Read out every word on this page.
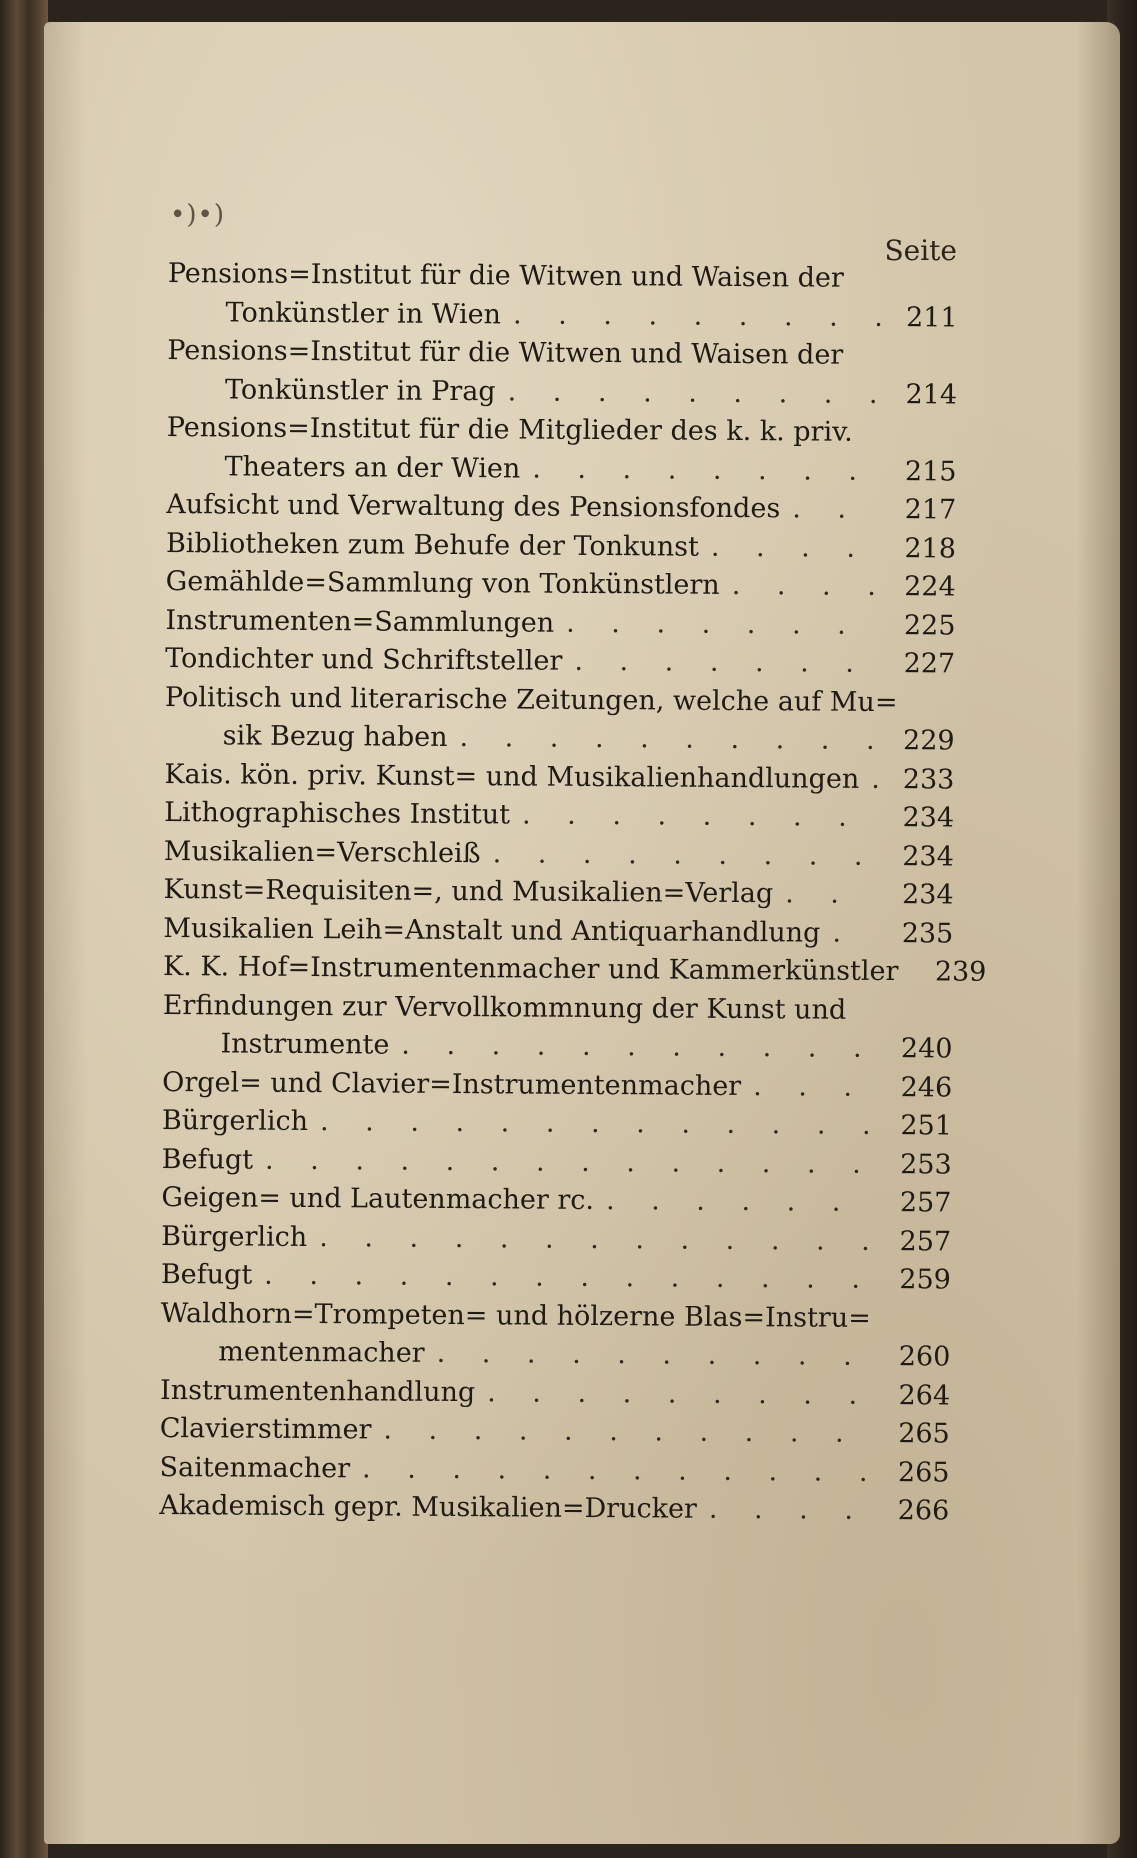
•)•)
Seite
Pensions=Institut für die Witwen und Waisen der
Tonkünstler in Wien . . .	211
Pensions=Institut für die Witwen und Waisen der
Tonkünstler in Prag . . .	214
Pensions=Institut für die Mitglieder des k. k. priv.
Theaters an der Wien . . .	215
Aufsicht und Verwaltung des Pensionsfondes . . .	217
Bibliotheken zum Behufe der Tonkunst . . .	218
Gemählde=Sammlung von Tonkünstlern . . .	224
Instrumenten=Sammlungen . . .	225
Tondichter und Schriftsteller . . .	227
Politisch und literarische Zeitungen, welche auf Mu=
sik Bezug haben . . .	229
Kais. kön. priv. Kunst= und Musikalienhandlungen . . .	233
Lithographisches Institut . . .	234
Musikalien=Verschleiß . . .	234
Kunst=Requisiten=, und Musikalien=Verlag . . .	234
Musikalien Leih=Anstalt und Antiquarhandlung . . .	235
K. K. Hof=Instrumentenmacher und Kammerkünstler . . .	239
Erfindungen zur Vervollkommnung der Kunst und
Instrumente . . .	240
Orgel= und Clavier=Instrumentenmacher . . .	246
Bürgerlich . . .	251
Befugt . . .	253
Geigen= und Lautenmacher rc. . . .	257
Bürgerlich . . .	257
Befugt . . .	259
Waldhorn=Trompeten= und hölzerne Blas=Instru=
mentenmacher . . .	260
Instrumentenhandlung . . .	264
Clavierstimmer . . .	265
Saitenmacher . . .	265
Akademisch gepr. Musikalien=Drucker . . .	266
